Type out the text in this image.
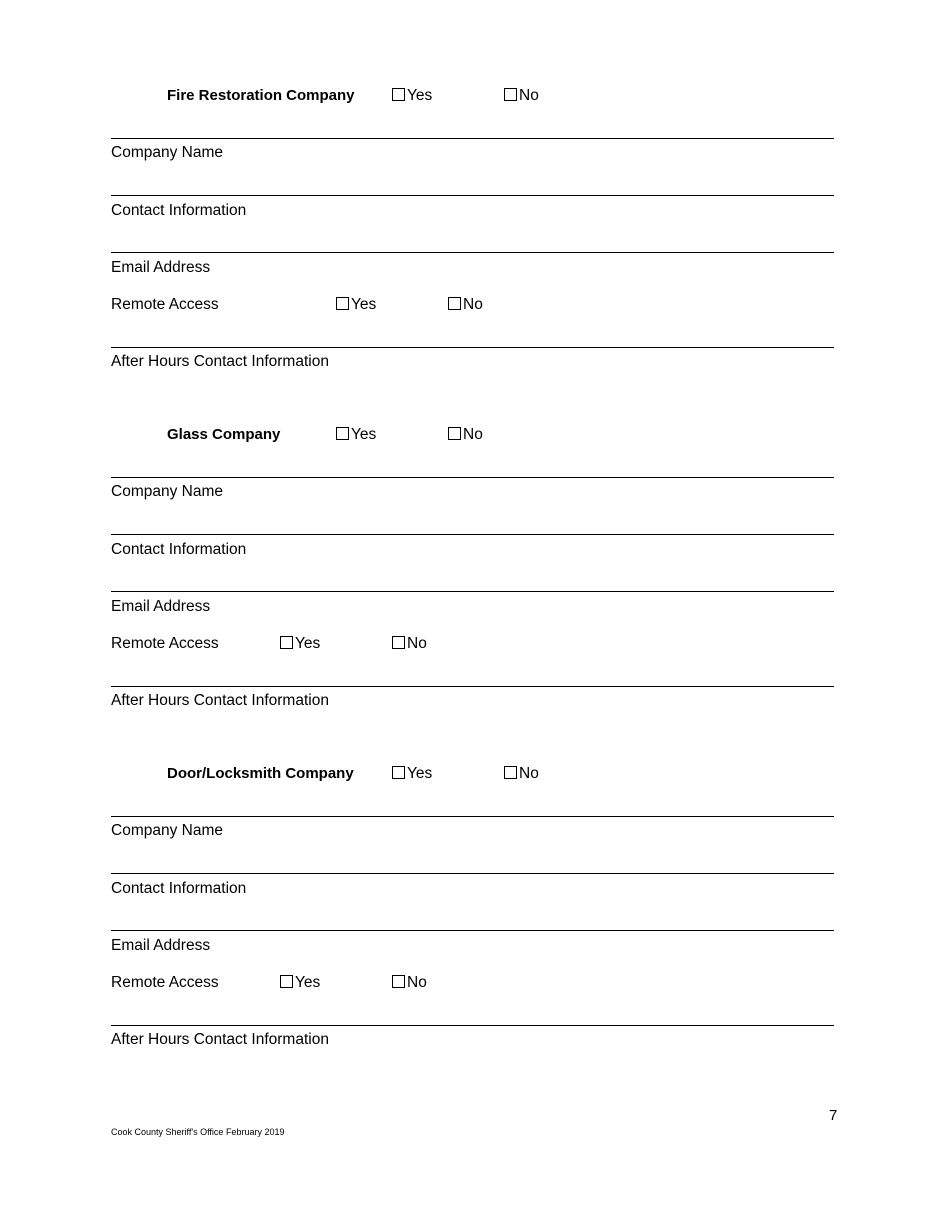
Fire Restoration Company	Yes	No
Company Name
Contact Information
Email Address
Remote Access	Yes	No
After Hours Contact Information
Glass Company	Yes	No
Company Name
Contact Information
Email Address
Remote Access	Yes	No
After Hours Contact Information
Door/Locksmith Company	Yes	No
Company Name
Contact Information
Email Address
Remote Access	Yes	No
After Hours Contact Information
7
Cook County Sheriff's Office February 2019
